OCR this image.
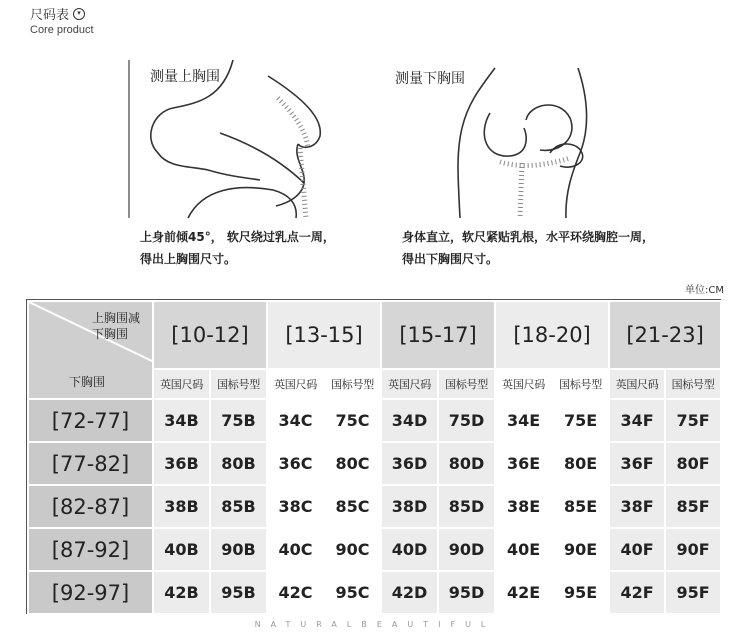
尺码表	▾
Core product
测量上胸围
上身前倾45°， 软尺绕过乳点一周，
得出上胸围尺寸。
测量下胸围
身体直立，软尺紧贴乳根，水平环绕胸腔一周，
得出下胸围尺寸。
单位:CM
上胸围减
下胸围
下胸围	[10-12]		[13-15]		[15-17]		[18-20]		[21-23]	
	英国尺码	国标号型	英国尺码	国标号型	英国尺码	国标号型	英国尺码	国标号型	英国尺码	国标号型
[72-77]	34B	75B	34C	75C	34D	75D	34E	75E	34F	75F
[77-82]	36B	80B	36C	80C	36D	80D	36E	80E	36F	80F
[82-87]	38B	85B	38C	85C	38D	85D	38E	85E	38F	85F
[87-92]	40B	90B	40C	90C	40D	90D	40E	90E	40F	90F
[92-97]	42B	95B	42C	95C	42D	95D	42E	95E	42F	95F
NATURALBEAUTIFUL
